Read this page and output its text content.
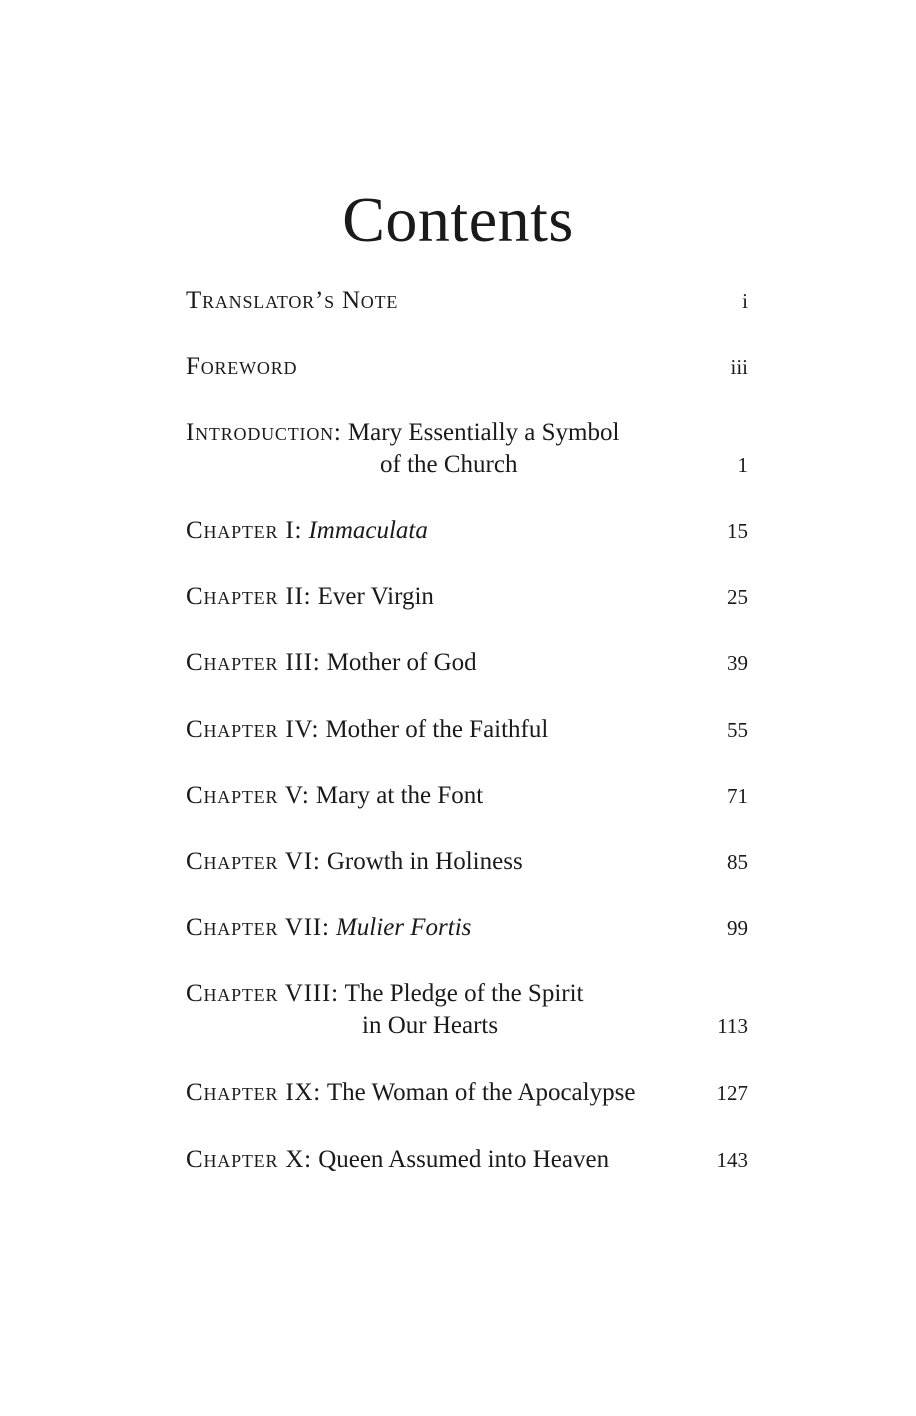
Contents
Translator’s Note	i
Foreword	iii
Introduction: Mary Essentially a Symbol
of the Church	1
Chapter I: Immaculata	15
Chapter II: Ever Virgin	25
Chapter III: Mother of God	39
Chapter IV: Mother of the Faithful	55
Chapter V: Mary at the Font	71
Chapter VI: Growth in Holiness	85
Chapter VII: Mulier Fortis	99
Chapter VIII: The Pledge of the Spirit
in Our Hearts	113
Chapter IX: The Woman of the Apocalypse	127
Chapter X: Queen Assumed into Heaven	143
